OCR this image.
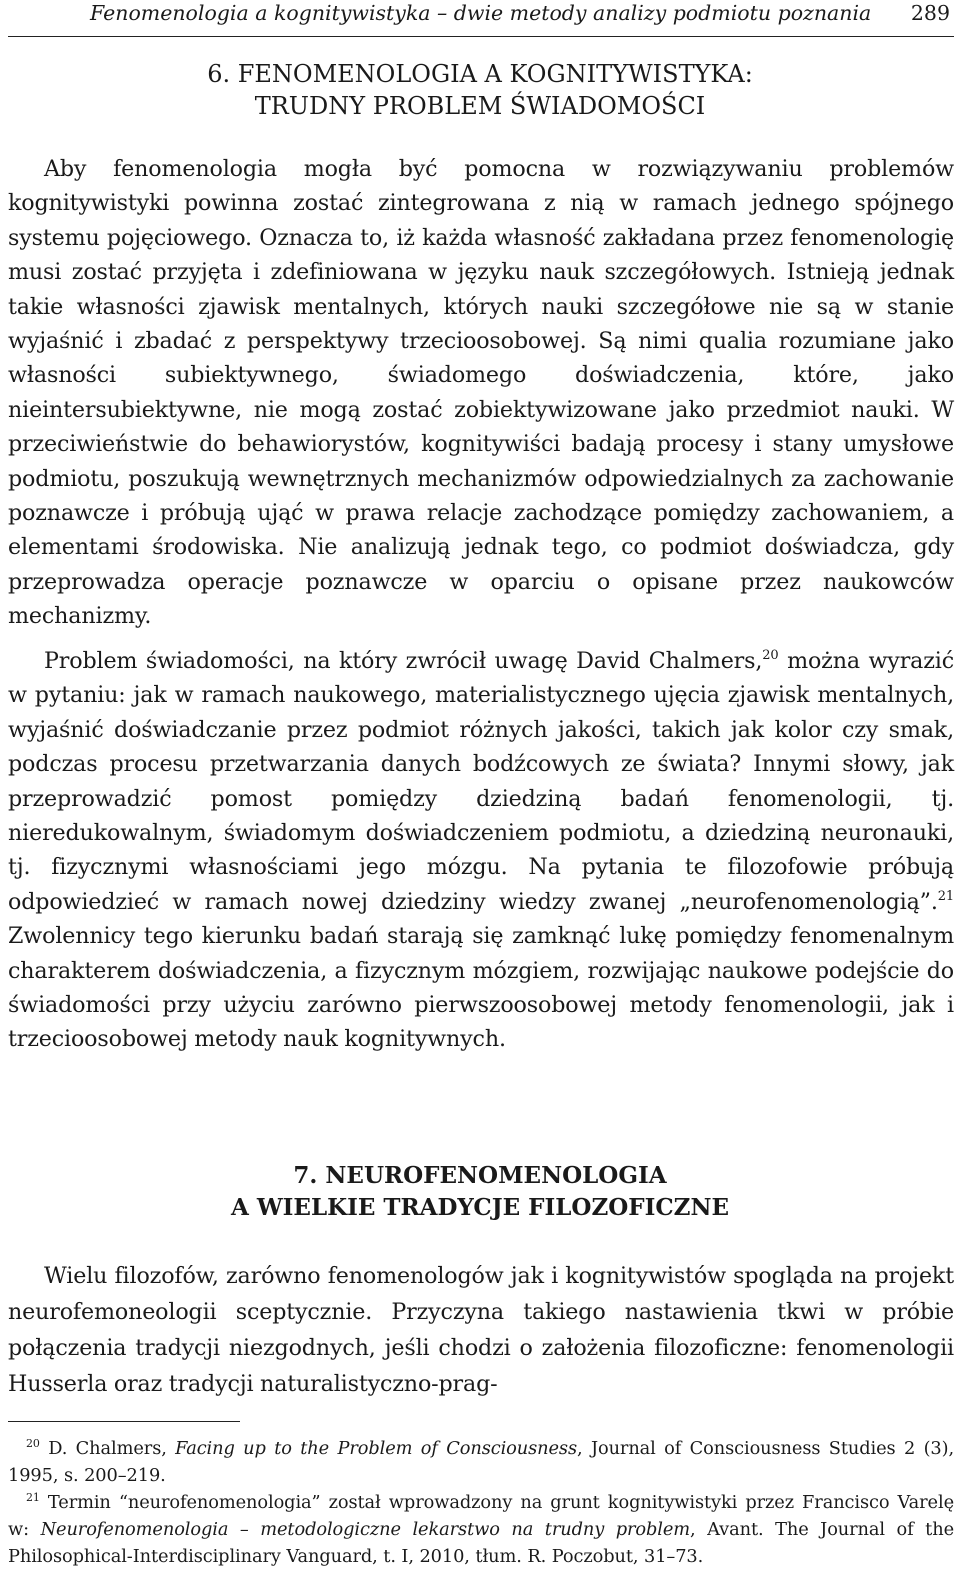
Fenomenologia a kognitywistyka – dwie metody analizy podmiotu poznania 289
6. FENOMENOLOGIA A KOGNITYWISTYKA:
TRUDNY PROBLEM ŚWIADOMOŚCI

Aby fenomenologia mogła być pomocna w rozwiązywaniu problemów kognitywistyki powinna zostać zintegrowana z nią w ramach jednego spójnego systemu pojęciowego. Oznacza to, iż każda własność zakładana przez fenomenologię musi zostać przyjęta i zdefiniowana w języku nauk szczegółowych. Istnieją jednak takie własności zjawisk mentalnych, których nauki szczegółowe nie są w stanie wyjaśnić i zbadać z perspektywy trzecioosobowej. Są nimi qualia rozumiane jako własności subiektywnego, świadomego doświadczenia, które, jako nieintersubiektywne, nie mogą zostać zobiektywizowane jako przedmiot nauki. W przeciwieństwie do behawiorystów, kognitywiści badają procesy i stany umysłowe podmiotu, poszukują wewnętrznych mechanizmów odpowiedzialnych za zachowanie poznawcze i próbują ująć w prawa relacje zachodzące pomiędzy zachowaniem, a elementami środowiska. Nie analizują jednak tego, co podmiot doświadcza, gdy przeprowadza operacje poznawcze w oparciu o opisane przez naukowców mechanizmy.

Problem świadomości, na który zwrócił uwagę David Chalmers,$^{20}$ można wyrazić w pytaniu: jak w ramach naukowego, materialistycznego ujęcia zjawisk mentalnych, wyjaśnić doświadczanie przez podmiot różnych jakości, takich jak kolor czy smak, podczas procesu przetwarzania danych bodźcowych ze świata? Innymi słowy, jak przeprowadzić pomost pomiędzy dziedziną badań fenomenologii, tj. nieredukowalnym, świadomym doświadczeniem podmiotu, a dziedziną neuronauki, tj. fizycznymi własnościami jego mózgu. Na pytania te filozofowie próbują odpowiedzieć w ramach nowej dziedziny wiedzy zwanej „neurofenomenologią”.$^{21}$ Zwolennicy tego kierunku badań starają się zamknąć lukę pomiędzy fenomenalnym charakterem doświadczenia, a fizycznym mózgiem, rozwijając naukowe podejście do świadomości przy użyciu zarówno pierwszoosobowej metody fenomenologii, jak i trzecioosobowej metody nauk kognitywnych.

7. NEUROFENOMENOLOGIA
A WIELKIE TRADYCJE FILOZOFICZNE

Wielu filozofów, zarówno fenomenologów jak i kognitywistów spogląda na projekt neurofemoneologii sceptycznie. Przyczyna takiego nastawienia tkwi w próbie połączenia tradycji niezgodnych, jeśli chodzi o założenia filozoficzne: fenomenologii Husserla oraz tradycji naturalistyczno-prag-

$^{20}$ D. Chalmers, Facing up to the Problem of Consciousness, Journal of Consciousness Studies 2 (3), 1995, s. 200–219.

$^{21}$ Termin “neurofenomenologia” został wprowadzony na grunt kognitywistyki przez Francisco Varelę w: Neurofenomenologia – metodologiczne lekarstwo na trudny problem, Avant. The Journal of the Philosophical-Interdisciplinary Vanguard, t. I, 2010, tłum. R. Poczobut, 31–73.
